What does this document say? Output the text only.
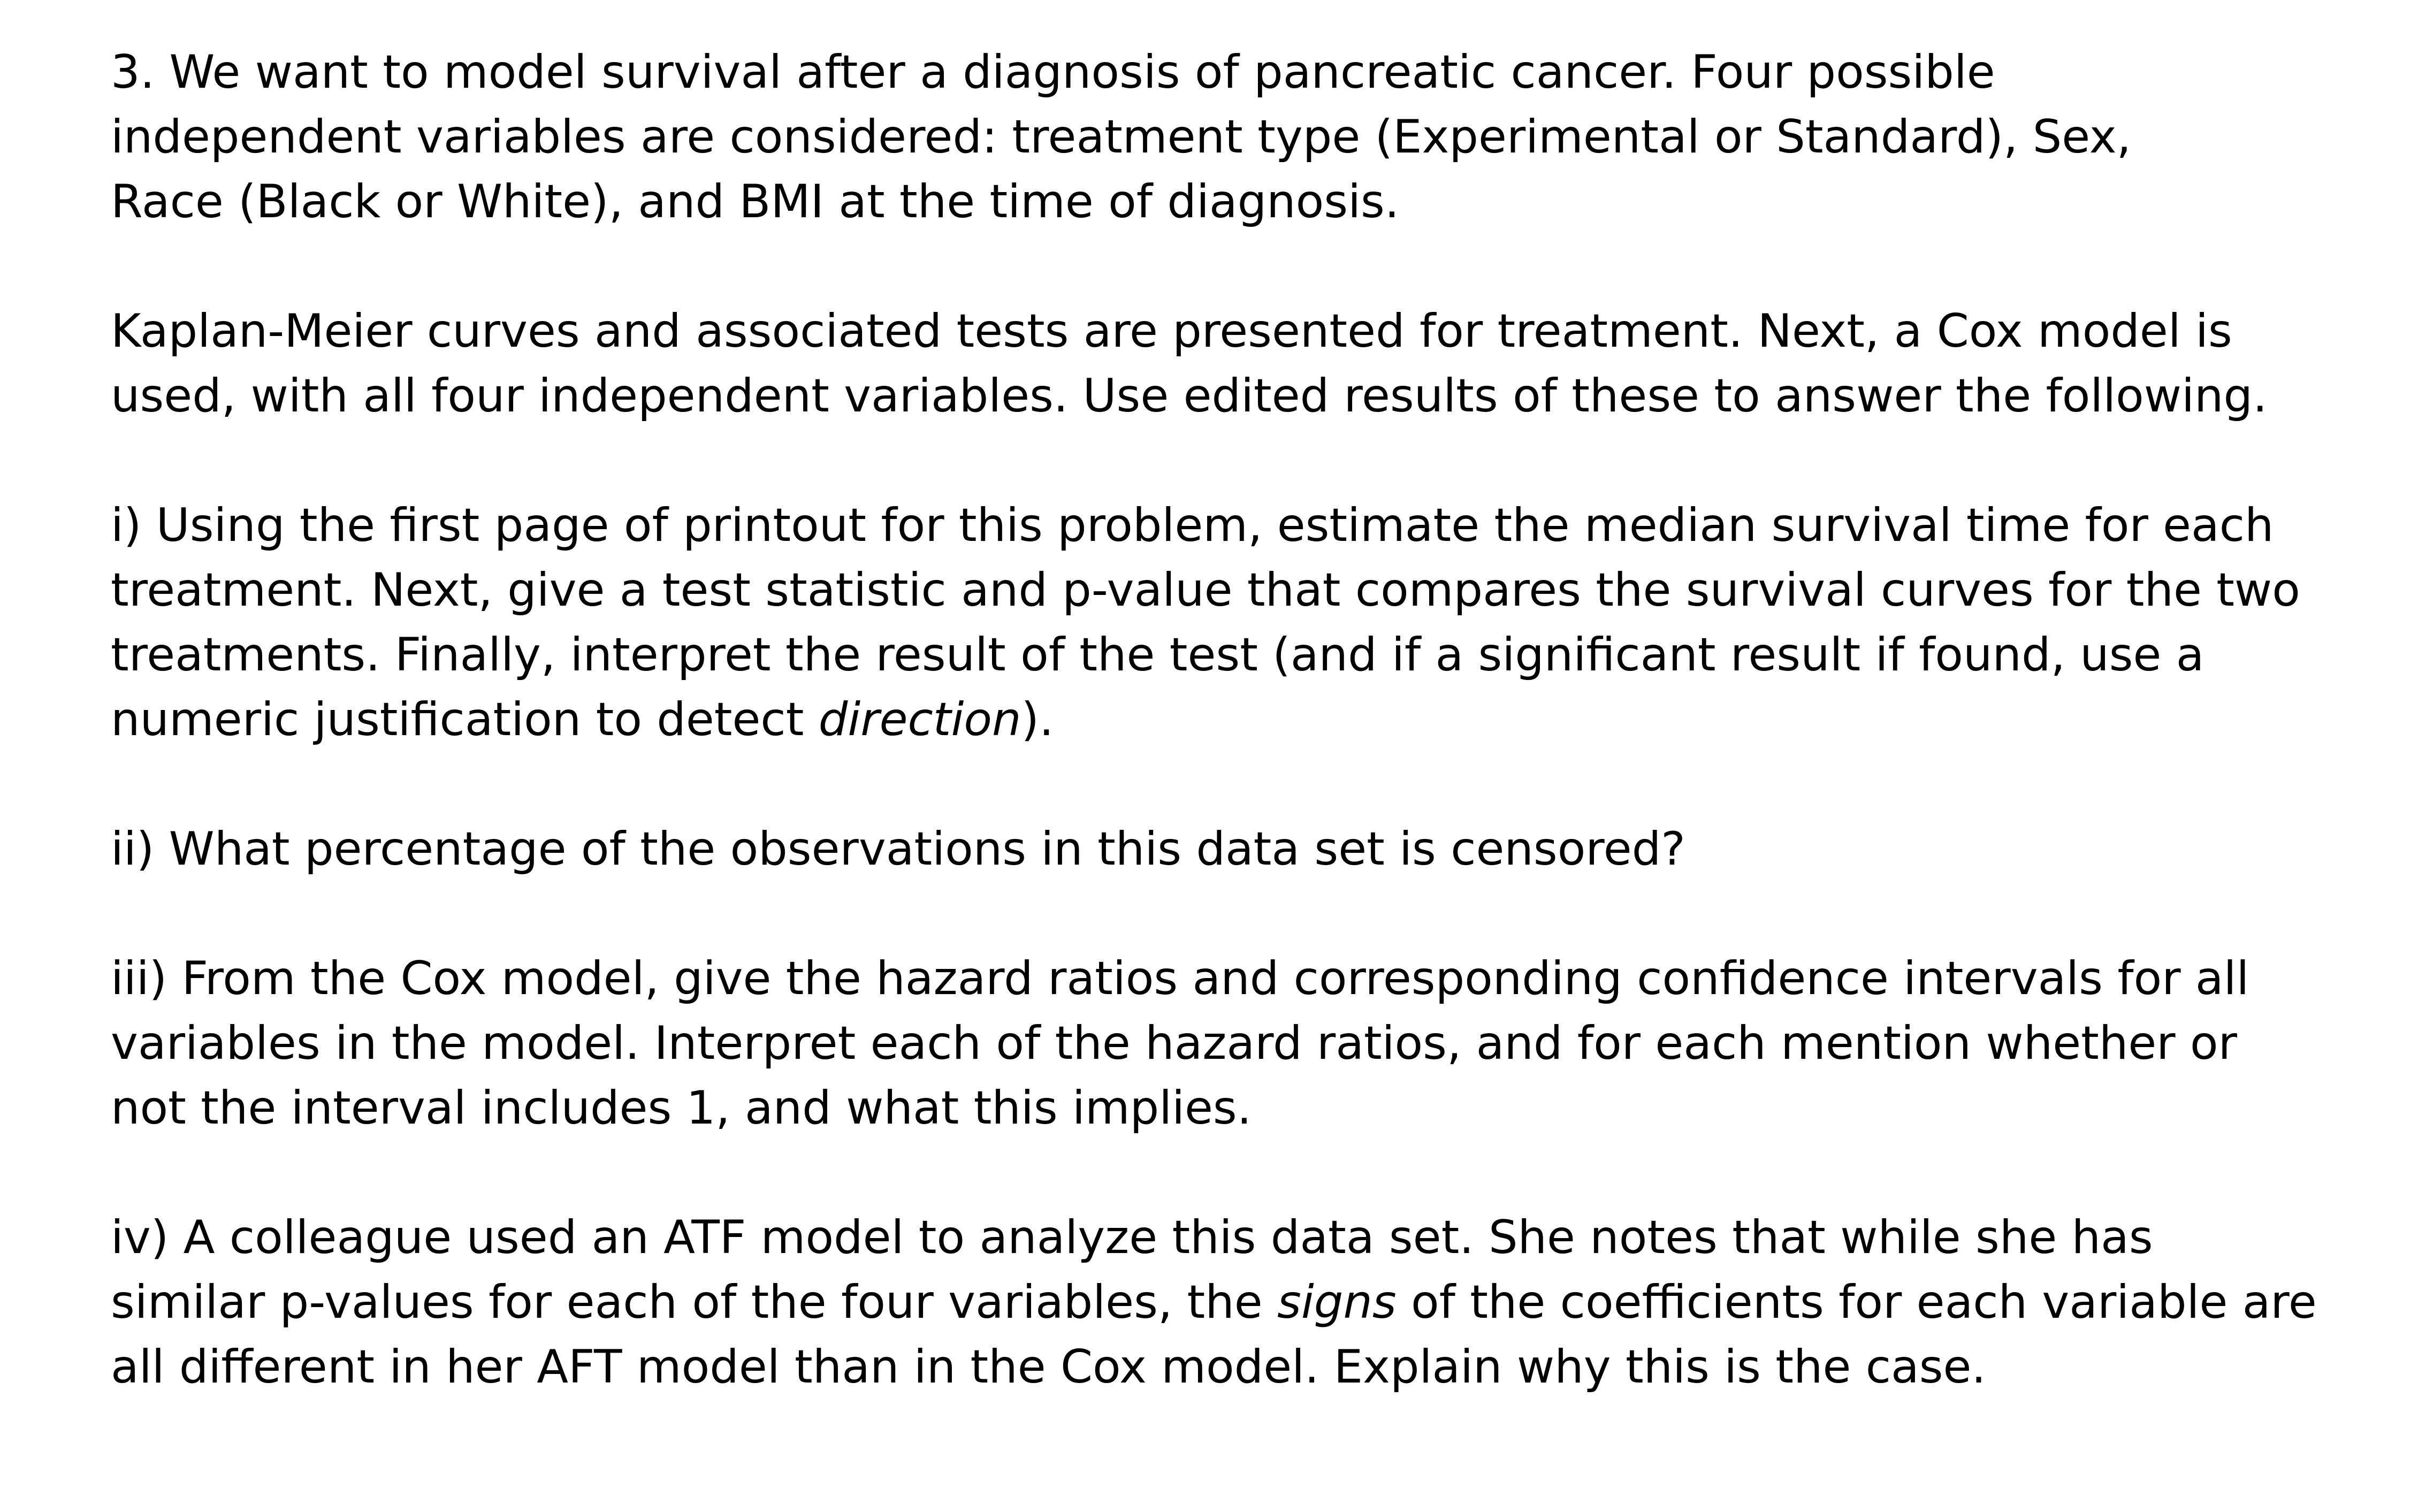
3. We want to model survival after a diagnosis of pancreatic cancer. Four possible
independent variables are considered: treatment type (Experimental or Standard), Sex,
Race (Black or White), and BMI at the time of diagnosis.

Kaplan-Meier curves and associated tests are presented for treatment. Next, a Cox model is
used, with all four independent variables. Use edited results of these to answer the following.

i) Using the first page of printout for this problem, estimate the median survival time for each
treatment. Next, give a test statistic and p-value that compares the survival curves for the two
treatments. Finally, interpret the result of the test (and if a significant result if found, use a
numeric justification to detect direction).

ii) What percentage of the observations in this data set is censored?

iii) From the Cox model, give the hazard ratios and corresponding confidence intervals for all
variables in the model. Interpret each of the hazard ratios, and for each mention whether or
not the interval includes 1, and what this implies.

iv) A colleague used an ATF model to analyze this data set. She notes that while she has
similar p-values for each of the four variables, the signs of the coefficients for each variable are
all different in her AFT model than in the Cox model. Explain why this is the case.
